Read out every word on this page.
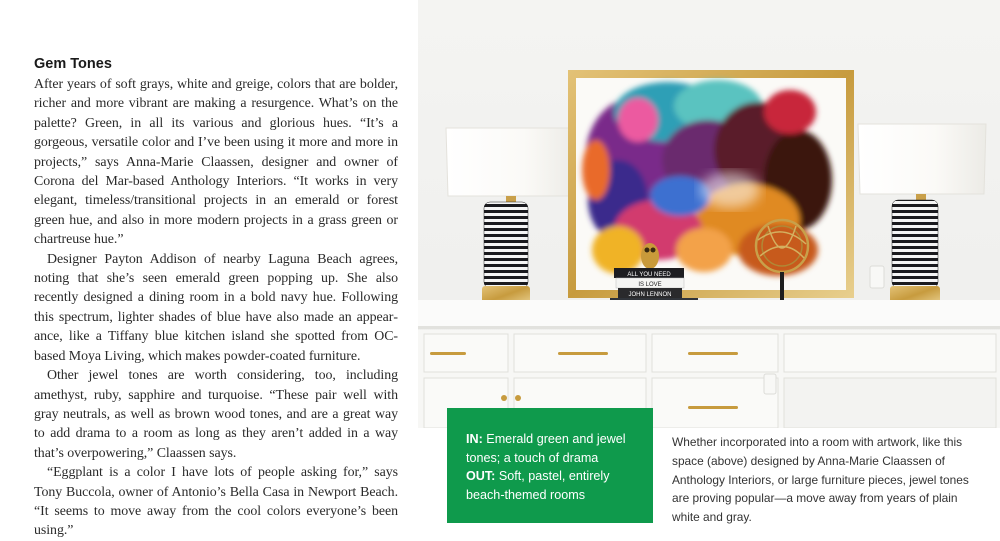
Gem Tones

After years of soft grays, white and greige, colors that are bolder, richer and more vibrant are making a resurgence. What’s on the palette? Green, in all its various and glorious hues. “It’s a gorgeous, versatile color and I’ve been using it more and more in projects,” says Anna-Marie Claassen, designer and owner of Corona del Mar-based Anthology Interiors. “It works in very elegant, timeless/transitional projects in an emerald or forest green hue, and also in more modern projects in a grass green or chartreuse hue.”

Designer Payton Addison of nearby Laguna Beach agrees, noting that she’s seen emerald green popping up. She also recently designed a dining room in a bold navy hue. Following this spectrum, lighter shades of blue have also made an appearance, like a Tiffany blue kitchen island she spotted from OC-based Moya Living, which makes powder-coated furniture.

Other jewel tones are worth considering, too, including amethyst, ruby, sapphire and turquoise. “These pair well with gray neutrals, as well as brown wood tones, and are a great way to add drama to a room as long as they aren’t added in a way that’s overpowering,” Claassen says.

“Eggplant is a color I have lots of people asking for,” says Tony Buccola, owner of Antonio’s Bella Casa in Newport Beach. “It seems to move away from the cool colors everyone’s been using.”

ALL YOU NEED
IS LOVE
JOHN LENNON
IN: Emerald green and jewel tones; a touch of drama
OUT: Soft, pastel, entirely beach-themed rooms
Whether incorporated into a room with artwork, like this space (above) designed by Anna-Marie Claassen of Anthology Interiors, or large furniture pieces, jewel tones are proving popular—a move away from years of plain white and gray.
